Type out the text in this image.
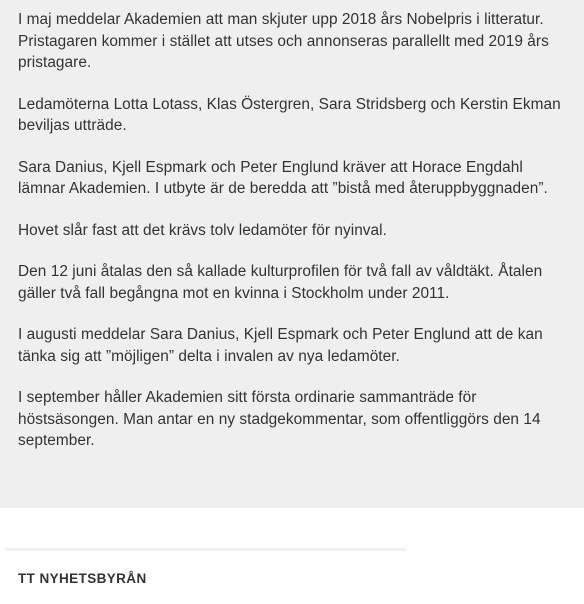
I maj meddelar Akademien att man skjuter upp 2018 års Nobelpris i litteratur. Pristagaren kommer i stället att utses och annonseras parallellt med 2019 års pristagare.

Ledamöterna Lotta Lotass, Klas Östergren, Sara Stridsberg och Kerstin Ekman beviljas utträde.

Sara Danius, Kjell Espmark och Peter Englund kräver att Horace Engdahl lämnar Akademien. I utbyte är de beredda att ”bistå med återuppbyggnaden”.

Hovet slår fast att det krävs tolv ledamöter för nyinval.

Den 12 juni åtalas den så kallade kulturprofilen för två fall av våldtäkt. Åtalen gäller två fall begångna mot en kvinna i Stockholm under 2011.

I augusti meddelar Sara Danius, Kjell Espmark och Peter Englund att de kan tänka sig att ”möjligen” delta i invalen av nya ledamöter.

I september håller Akademien sitt första ordinarie sammanträde för höstsäsongen. Man antar en ny stadgekommentar, som offentliggörs den 14 september.

TT NYHETSBYRÅN
